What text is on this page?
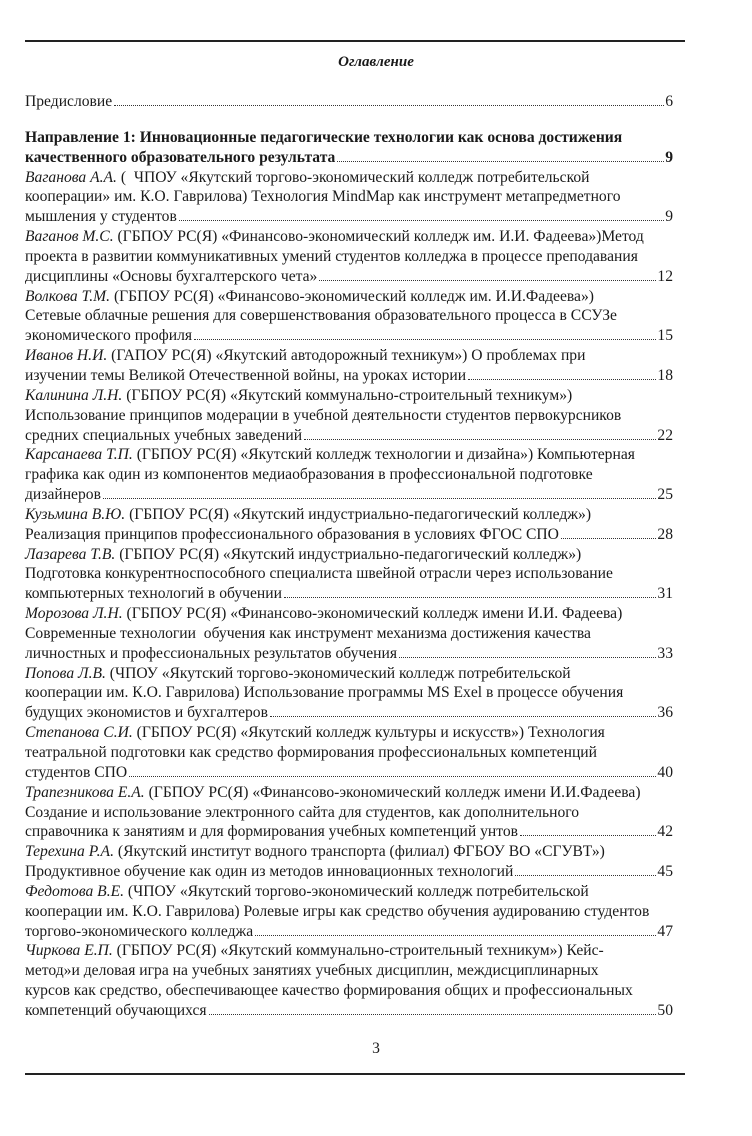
Оглавление
Предисловие	6
Направление 1: Инновационные педагогические технологии как основа достижения
качественного образовательного результата	9
Ваганова А.А. (  ЧПОУ «Якутский торгово-экономический колледж потребительской
кооперации» им. К.О. Гаврилова) Технология MindMap как инструмент метапредметного
мышления у студентов	9
Ваганов М.С. (ГБПОУ РС(Я) «Финансово-экономический колледж им. И.И. Фадеева»)Метод
проекта в развитии коммуникативных умений студентов колледжа в процессе преподавания
дисциплины «Основы бухгалтерского чета»	12
Волкова Т.М. (ГБПОУ РС(Я) «Финансово-экономический колледж им. И.И.Фадеева»)
Сетевые облачные решения для совершенствования образовательного процесса в ССУЗе
экономического профиля	15
Иванов Н.И. (ГАПОУ РС(Я) «Якутский автодорожный техникум») О проблемах при
изучении темы Великой Отечественной войны, на уроках истории	18
Калинина Л.Н. (ГБПОУ РС(Я) «Якутский коммунально-строительный техникум»)
Использование принципов модерации в учебной деятельности студентов первокурсников
средних специальных учебных заведений	22
Карсанаева Т.П. (ГБПОУ РС(Я) «Якутский колледж технологии и дизайна») Компьютерная
графика как один из компонентов медиаобразования в профессиональной подготовке
дизайнеров	25
Кузьмина В.Ю. (ГБПОУ РС(Я) «Якутский индустриально-педагогический колледж»)
Реализация принципов профессионального образования в условиях ФГОС СПО	28
Лазарева Т.В. (ГБПОУ РС(Я) «Якутский индустриально-педагогический колледж»)
Подготовка конкурентноспособного специалиста швейной отрасли через использование
компьютерных технологий в обучении	31
Морозова Л.Н. (ГБПОУ РС(Я) «Финансово-экономический колледж имени И.И. Фадеева)
Современные технологии  обучения как инструмент механизма достижения качества
личностных и профессиональных результатов обучения	33
Попова Л.В. (ЧПОУ «Якутский торгово-экономический колледж потребительской
кооперации им. К.О. Гаврилова) Использование программы MS Exel в процессе обучения
будущих экономистов и бухгалтеров	36
Степанова С.И. (ГБПОУ РС(Я) «Якутский колледж культуры и искусств») Технология
театральной подготовки как средство формирования профессиональных компетенций
студентов СПО	40
Трапезникова Е.А. (ГБПОУ РС(Я) «Финансово-экономический колледж имени И.И.Фадеева)
Создание и использование электронного сайта для студентов, как дополнительного
справочника к занятиям и для формирования учебных компетенций унтов	42
Терехина Р.А. (Якутский институт водного транспорта (филиал) ФГБОУ ВО «СГУВТ»)
Продуктивное обучение как один из методов инновационных технологий	45
Федотова В.Е. (ЧПОУ «Якутский торгово-экономический колледж потребительской
кооперации им. К.О. Гаврилова) Ролевые игры как средство обучения аудированию студентов
торгово-экономического колледжа	47
Чиркова Е.П. (ГБПОУ РС(Я) «Якутский коммунально-строительный техникум») Кейс-
метод»и деловая игра на учебных занятиях учебных дисциплин, междисциплинарных
курсов как средство, обеспечивающее качество формирования общих и профессиональных
компетенций обучающихся	50
3
